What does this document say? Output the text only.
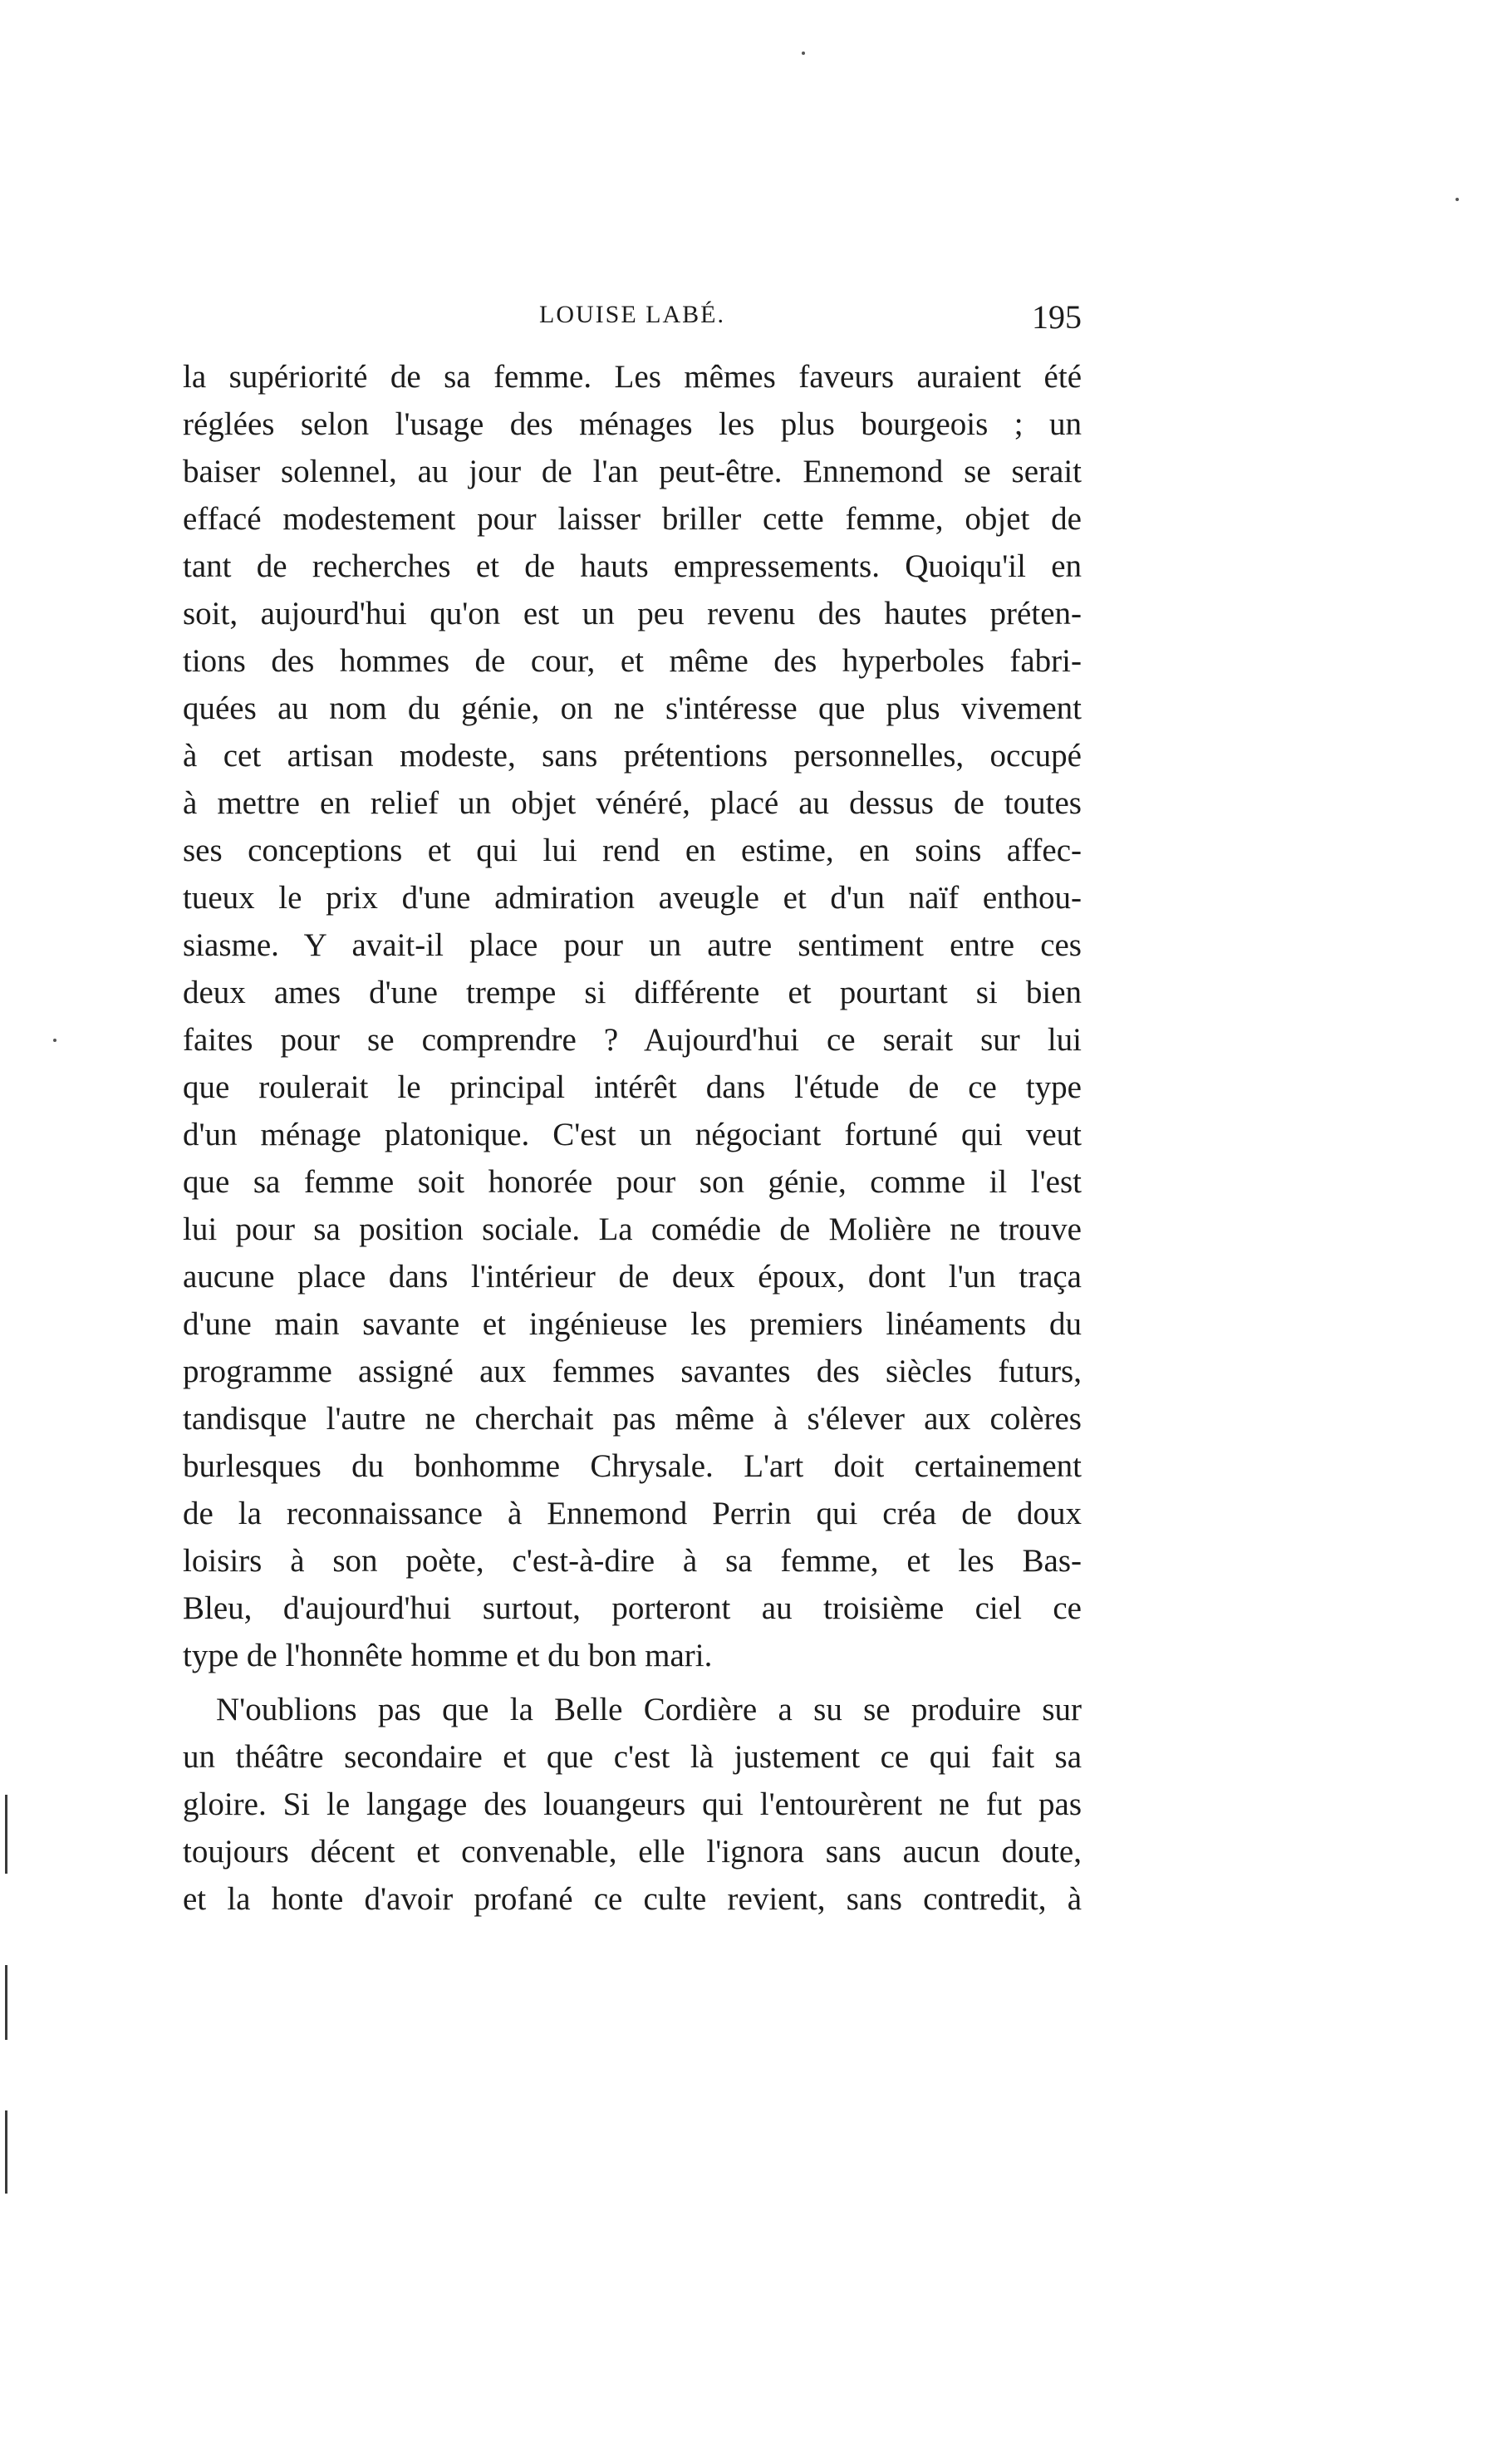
LOUISE LABÉ.	195
la supériorité de sa femme. Les mêmes faveurs auraient été
réglées selon l'usage des ménages les plus bourgeois ; un
baiser solennel, au jour de l'an peut-être. Ennemond se serait
effacé modestement pour laisser briller cette femme, objet de
tant de recherches et de hauts empressements. Quoiqu'il en
soit, aujourd'hui qu'on est un peu revenu des hautes préten-
tions des hommes de cour, et même des hyperboles fabri-
quées au nom du génie, on ne s'intéresse que plus vivement
à cet artisan modeste, sans prétentions personnelles, occupé
à mettre en relief un objet vénéré, placé au dessus de toutes
ses conceptions et qui lui rend en estime, en soins affec-
tueux le prix d'une admiration aveugle et d'un naïf enthou-
siasme. Y avait-il place pour un autre sentiment entre ces
deux ames d'une trempe si différente et pourtant si bien
faites pour se comprendre ? Aujourd'hui ce serait sur lui
que roulerait le principal intérêt dans l'étude de ce type
d'un ménage platonique. C'est un négociant fortuné qui veut
que sa femme soit honorée pour son génie, comme il l'est
lui pour sa position sociale. La comédie de Molière ne trouve
aucune place dans l'intérieur de deux époux, dont l'un traça
d'une main savante et ingénieuse les premiers linéaments du
programme assigné aux femmes savantes des siècles futurs,
tandisque l'autre ne cherchait pas même à s'élever aux colères
burlesques du bonhomme Chrysale. L'art doit certainement
de la reconnaissance à Ennemond Perrin qui créa de doux
loisirs à son poète, c'est-à-dire à sa femme, et les Bas-
Bleu, d'aujourd'hui surtout, porteront au troisième ciel ce
type de l'honnête homme et du bon mari.
N'oublions pas que la Belle Cordière a su se produire sur
un théâtre secondaire et que c'est là justement ce qui fait sa
gloire. Si le langage des louangeurs qui l'entourèrent ne fut pas
toujours décent et convenable, elle l'ignora sans aucun doute,
et la honte d'avoir profané ce culte revient, sans contredit, à
